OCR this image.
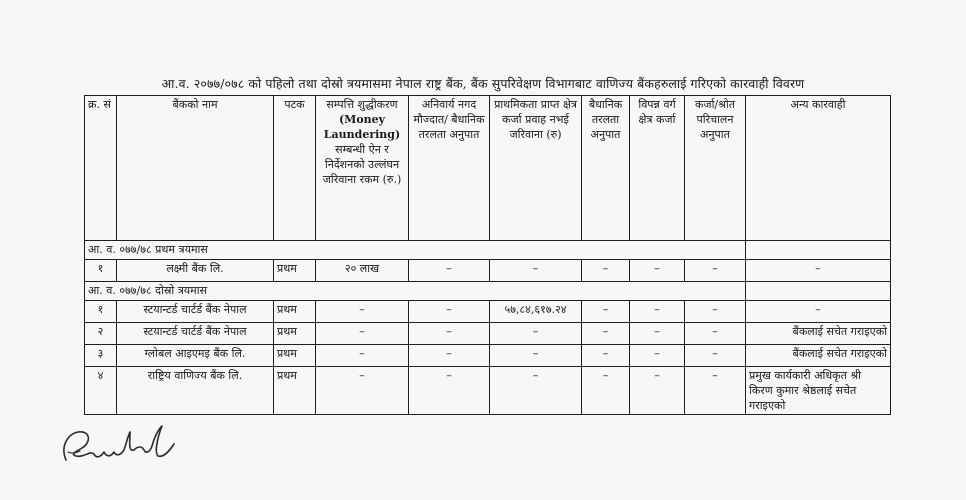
आ.व. २०७७/०७८ को पहिलो तथा दोस्रो त्रयमासमा नेपाल राष्ट्र बैंक, बैंक सुपरिवेक्षण विभागबाट वाणिज्य बैंकहरुलाई गरिएको कारवाही विवरण
क्र. सं	बैंकको नाम	पटक	सम्पत्ति शुद्धीकरण
(Money Laundering)
सम्बन्धी ऐन र निर्देशनको उल्लंघन जरिवाना रकम (रु.)	अनिवार्य नगद मौज्दात/ बैधानिक तरलता अनुपात	प्राथमिकता प्राप्त क्षेत्र कर्जा प्रवाह नभई जरिवाना (रु)	बैधानिक तरलता अनुपात	विपन्न वर्ग क्षेत्र कर्जा	कर्जा/श्रोत परिचालन अनुपात	अन्य कारवाही
आ. व. ०७७/७८ प्रथम त्रयमास									
१	लक्ष्मी बैंक लि.	प्रथम	२० लाख	–	–	–	–	–	–
आ. व. ०७७/७८ दोस्रो त्रयमास									
१	स्टयान्टर्ड चार्टर्ड बैंक नेपाल	प्रथम	–	–	५७,८४,६१७.२४	–	–	–	–
२	स्टयान्टर्ड चार्टर्ड बैंक नेपाल	प्रथम	–	–	–	–	–	–	बैंकलाई सचेत गराइएको
३	ग्लोबल आइएमइ बैंक लि.	प्रथम	–	–	–	–	–	–	बैंकलाई सचेत गराइएको
४	राष्ट्रिय वाणिज्य बैंक लि.	प्रथम	–	–	–	–	–	–	प्रमुख कार्यकारी अधिकृत श्री किरण कुमार श्रेष्ठलाई सचेत गराइएको
